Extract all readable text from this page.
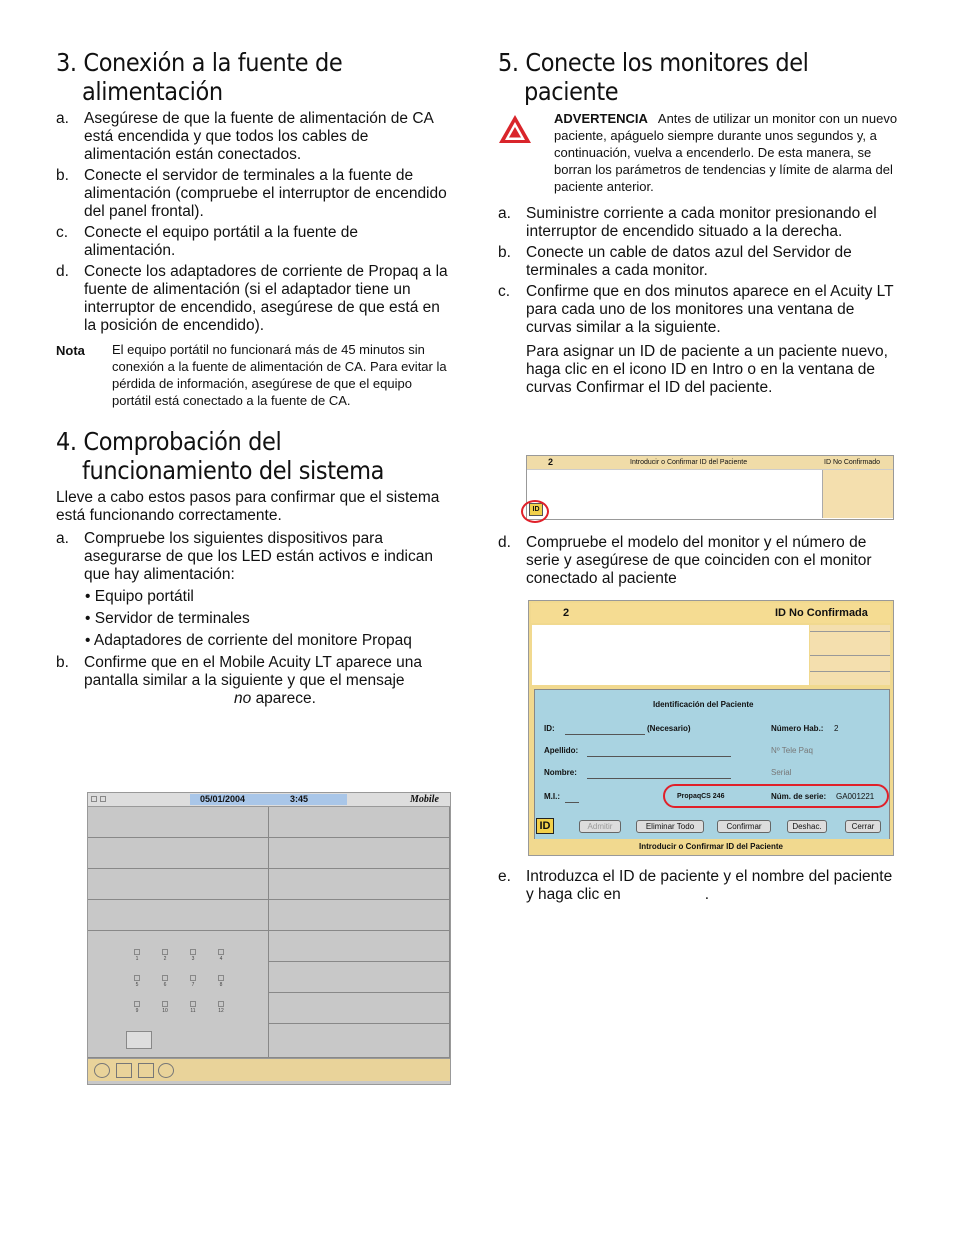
3. Conexión a la fuente de alimentación
a. Asegúrese de que la fuente de alimentación de CA está encendida y que todos los cables de alimentación están conectados.
b. Conecte el servidor de terminales a la fuente de alimentación (compruebe el interruptor de encendido del panel frontal).
c. Conecte el equipo portátil a la fuente de alimentación.
d. Conecte los adaptadores de corriente de Propaq a la fuente de alimentación (si el adaptador tiene un interruptor de encendido, asegúrese de que está en la posición de encendido).
Nota El equipo portátil no funcionará más de 45 minutos sin conexión a la fuente de alimentación de CA. Para evitar la pérdida de información, asegúrese de que el equipo portátil está conectado a la fuente de CA.
4. Comprobación del funcionamiento del sistema
Lleve a cabo estos pasos para confirmar que el sistema está funcionando correctamente.
a. Compruebe los siguientes dispositivos para asegurarse de que los LED están activos e indican que hay alimentación:
• Equipo portátil
• Servidor de terminales
• Adaptadores de corriente del monitore Propaq
b. Confirme que en el Mobile Acuity LT aparece una pantalla similar a la siguiente y que el mensajeno aparece.
05/01/2004	3:45	Mobile
1	2	3	4
5	6	7	8
9	10	11	12
5. Conecte los monitores del paciente
ADVERTENCIA Antes de utilizar un monitor con un nuevo paciente, apáguelo siempre durante unos segundos y, a continuación, vuelva a encenderlo. De esta manera, se borran los parámetros de tendencias y límite de alarma del paciente anterior.
a. Suministre corriente a cada monitor presionando el interruptor de encendido situado a la derecha.
b. Conecte un cable de datos azul del Servidor de terminales a cada monitor.
c. Confirme que en dos minutos aparece en el Acuity LT para cada uno de los monitores una ventana de curvas similar a la siguiente.
Para asignar un ID de paciente a un paciente nuevo, haga clic en el icono ID en Intro o en la ventana de curvas Confirmar el ID del paciente.
2	Introducir o Confirmar ID del Paciente	ID No Confirmado
ID
d. Compruebe el modelo del monitor y el número de serie y asegúrese de que coinciden con el monitor conectado al paciente
2	ID No Confirmada
Identificación del Paciente
ID:	(Necesario)	Número Hab.: 2
Apellido:	Nº Tele Paq
Nombre:	Serial
M.I.:	PropaqCS 246	Núm. de serie: GA001221
ID	Admitir	Eliminar Todo	Confirmar	Deshac.	Cerrar
Introducir o Confirmar ID del Paciente
e. Introduzca el ID de paciente y el nombre del paciente y haga clic en	.
